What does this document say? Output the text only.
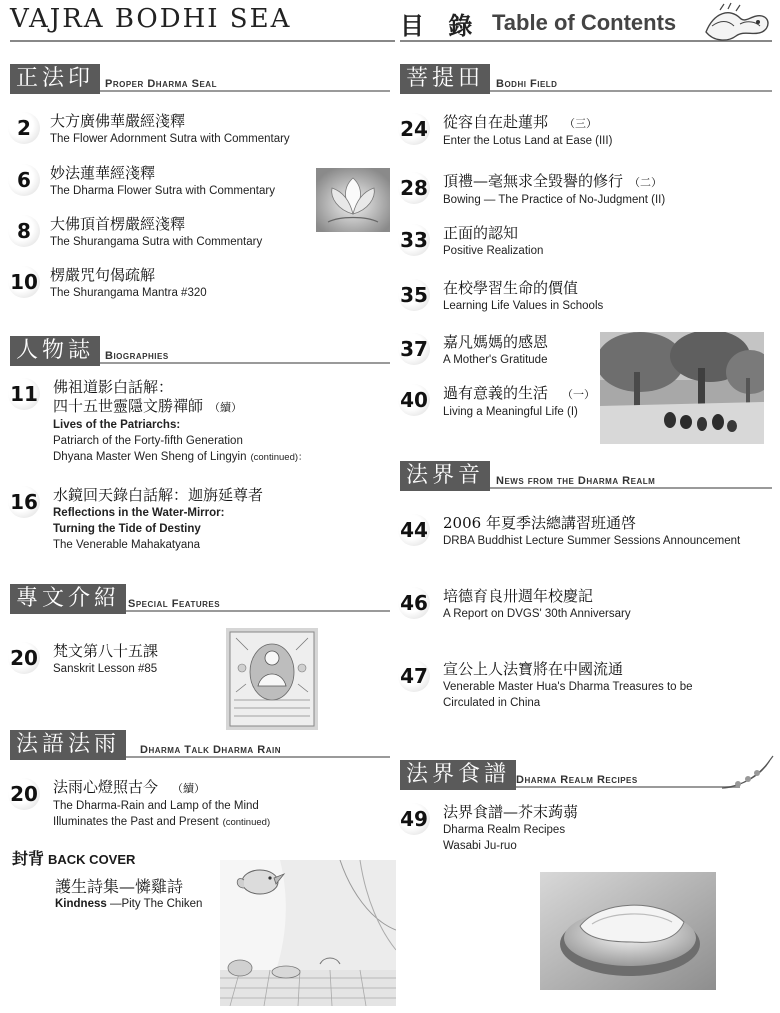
VAJRA BODHI SEA	目 錄 Table of Contents
正法印 Proper Dharma Seal
2	大方廣佛華嚴經淺釋
The Flower Adornment Sutra with Commentary
6	妙法蓮華經淺釋
The Dharma Flower Sutra with Commentary
8	大佛頂首楞嚴經淺釋
The Shurangama Sutra with Commentary
10 楞嚴咒句偈疏解
The Shurangama Mantra #320
人物誌 Biographies
11 佛祖道影白話解：
四十五世靈隱文勝禪師 （續）
Lives of the Patriarchs:
Patriarch of the Forty-fifth Generation
Dhyana Master Wen Sheng of Lingyin (continued)：
16 水鏡回天錄白話解：迦旃延尊者
Reflections in the Water-Mirror:
Turning the Tide of Destiny
The Venerable Mahakatyana
專文介紹 Special Features
20 梵文第八十五課
Sanskrit Lesson #85
法語法雨	Dharma Talk Dharma Rain
20 法雨心燈照古今 （續）
The Dharma-Rain and Lamp of the Mind
Illuminates the Past and Present (continued)
封背 BACK COVER
護生詩集—憐雞詩
Kindness —Pity The Chiken
菩提田	Bodhi Field
24 從容自在赴蓮邦 （三）
Enter the Lotus Land at Ease (III)
28 頂禮—毫無求全毀譽的修行 （二）
Bowing — The Practice of No-Judgment (II)
33 正面的認知
Positive Realization
35 在校學習生命的價值
Learning Life Values in Schools
37 嘉凡媽媽的感恩
A Mother's Gratitude
40 過有意義的生活 （一）
Living a Meaningful Life (I)
法界音	News from the Dharma Realm
44 2006 年夏季法總講習班通啓
DRBA Buddhist Lecture Summer Sessions Announcement
46 培德育良卅週年校慶記
A Report on DVGS' 30th Anniversary
47 宣公上人法寶將在中國流通
Venerable Master Hua's Dharma Treasures to be
Circulated in China
法界食譜 Dharma Realm Recipes
49 法界食譜—芥末蒟蒻
Dharma Realm Recipes
Wasabi Ju-ruo
